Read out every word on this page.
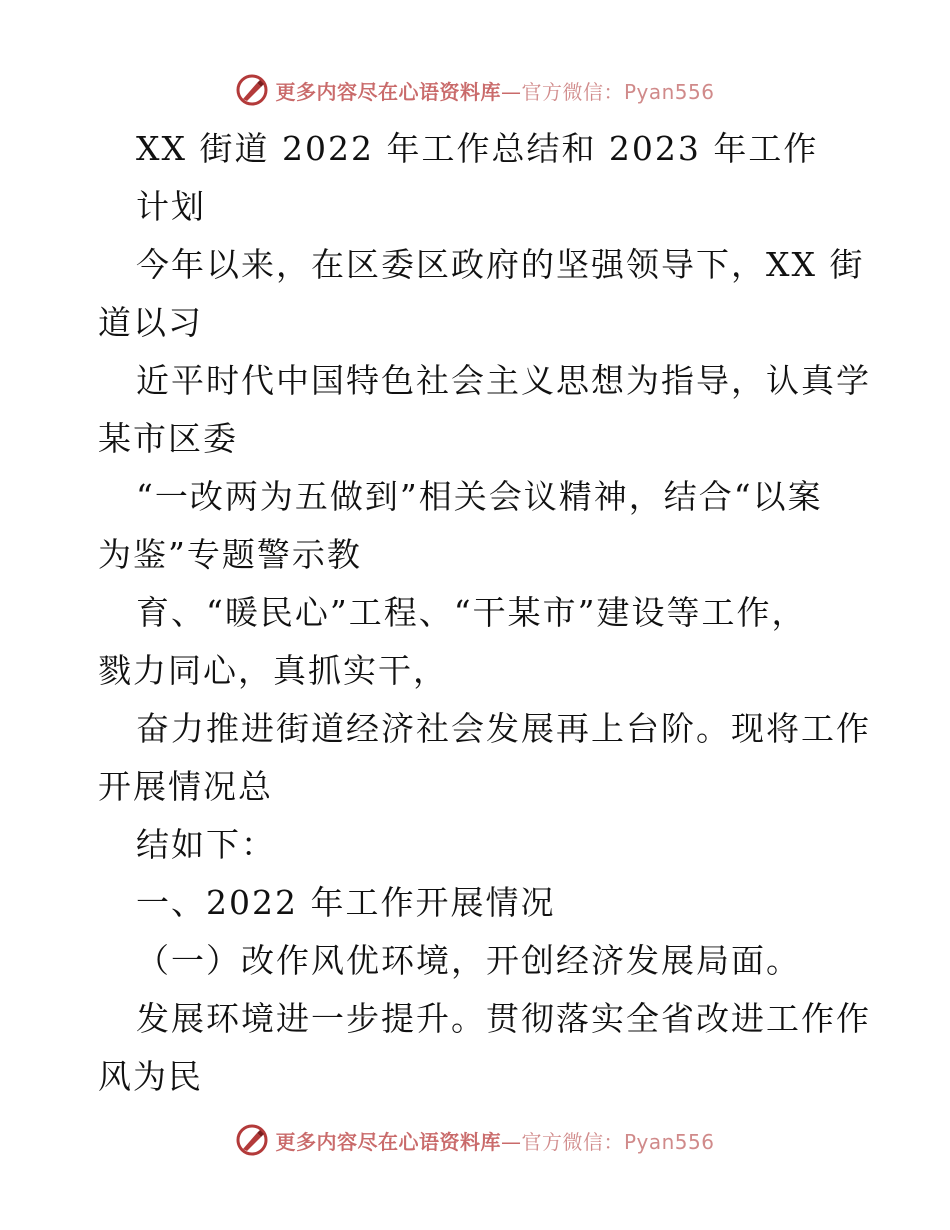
更多内容尽在心语资料库—官方微信：Pyan556
XX 街道 2022 年工作总结和 2023 年工作
计划
今年以来，在区委区政府的坚强领导下，XX 街
道以习
近平时代中国特色社会主义思想为指导，认真学
某市区委
“一改两为五做到”相关会议精神，结合“以案
为鉴”专题警示教
育、“暖民心”工程、“干某市”建设等工作，
戮力同心，真抓实干，
奋力推进街道经济社会发展再上台阶。现将工作
开展情况总
结如下：
一、2022 年工作开展情况
（一）改作风优环境，开创经济发展局面。
发展环境进一步提升。贯彻落实全省改进工作作
风为民
更多内容尽在心语资料库—官方微信：Pyan556
